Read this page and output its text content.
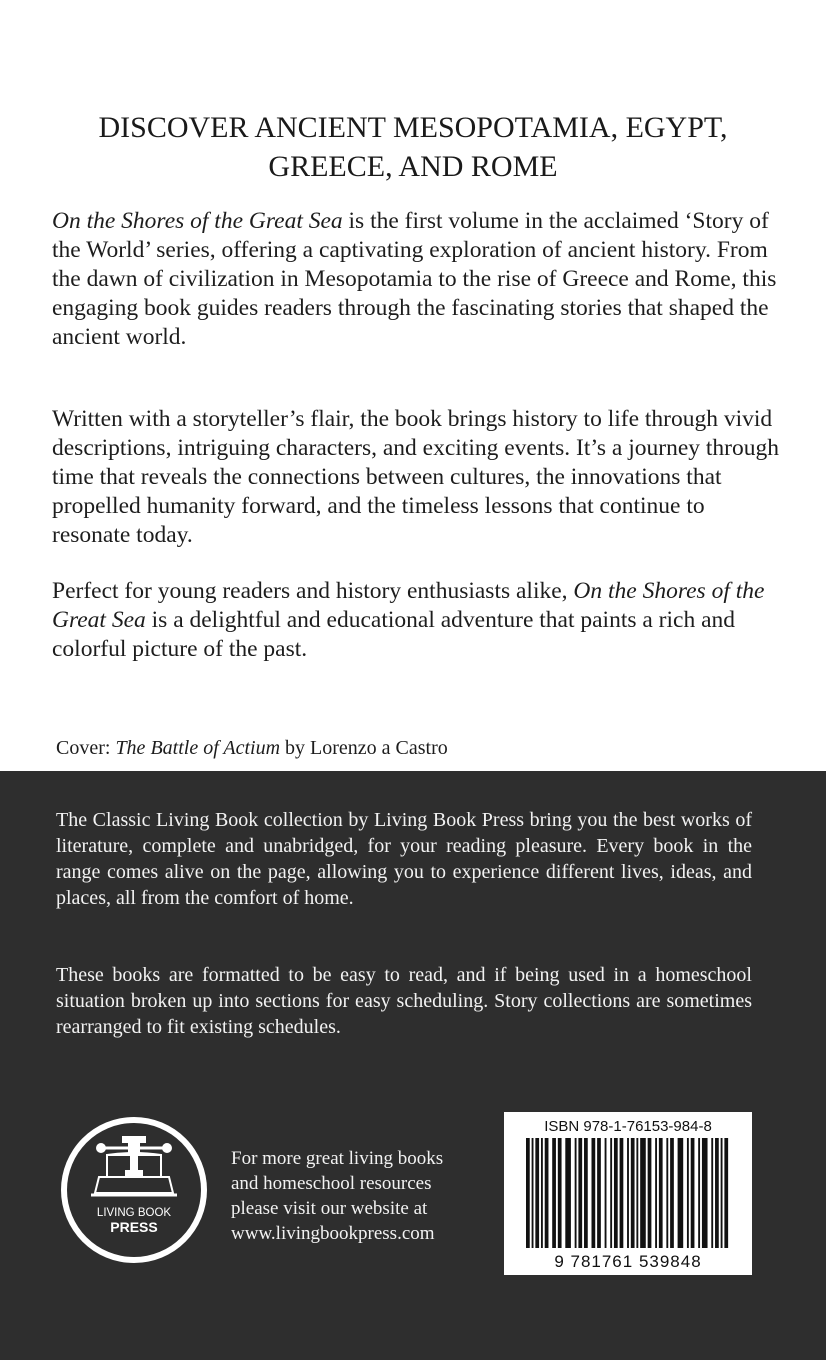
DISCOVER ANCIENT MESOPOTAMIA, EGYPT,
GREECE, AND ROME

On the Shores of the Great Sea is the first volume in the acclaimed ‘Story of the World’ series, offering a captivating exploration of ancient history. From the dawn of civilization in Mesopotamia to the rise of Greece and Rome, this engaging book guides readers through the fascinating stories that shaped the ancient world.

Written with a storyteller’s flair, the book brings history to life through vivid descriptions, intriguing characters, and exciting events. It’s a journey through time that reveals the connections between cultures, the innovations that propelled humanity forward, and the timeless lessons that continue to resonate today.

Perfect for young readers and history enthusiasts alike, On the Shores of the Great Sea is a delightful and educational adventure that paints a rich and colorful picture of the past.

Cover: The Battle of Actium by Lorenzo a Castro

The Classic Living Book collection by Living Book Press bring you the best works of literature, complete and unabridged, for your reading pleasure. Every book in the range comes alive on the page, allowing you to experience different lives, ideas, and places, all from the comfort of home.

These books are formatted to be easy to read, and if being used in a homeschool situation broken up into sections for easy scheduling. Story collections are sometimes rearranged to fit existing schedules.

LIVING BOOK
PRESS

For more great living books
and homeschool resources
please visit our website at
www.livingbookpress.com

ISBN 978-1-76153-984-8

9 781761 539848
